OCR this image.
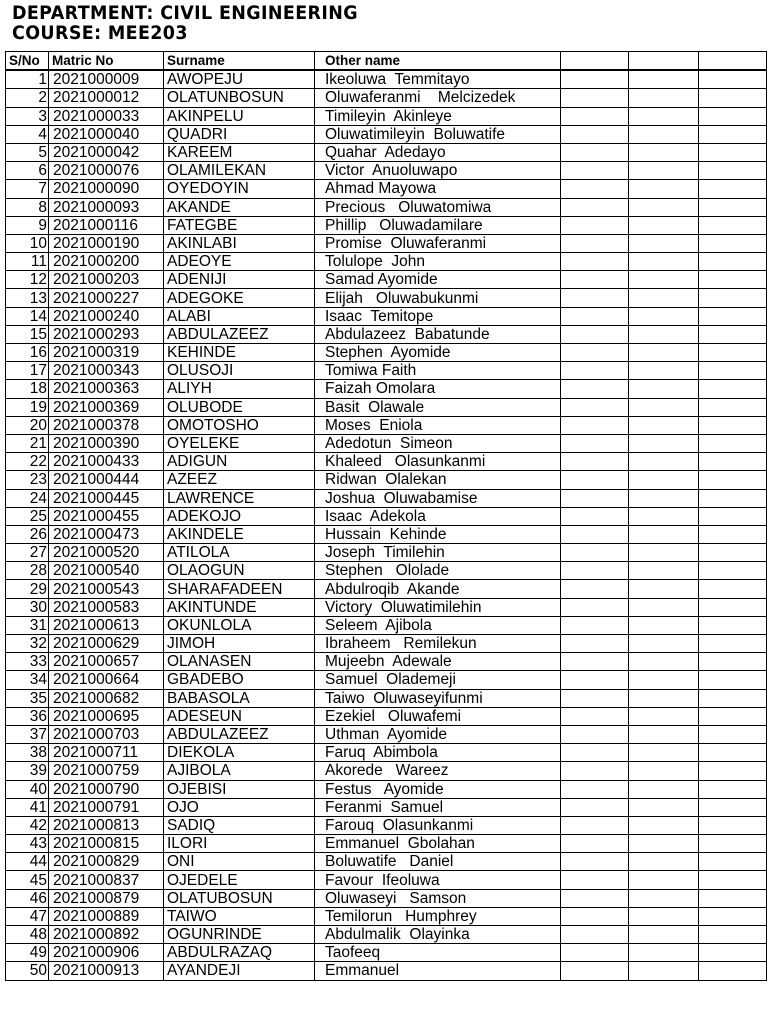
DEPARTMENT: CIVIL ENGINEERING
COURSE: MEE203
S/No	Matric No	Surname	Other name				
1	2021000009	AWOPEJU	Ikeoluwa  Temmitayo				
2	2021000012	OLATUNBOSUN	Oluwaferanmi    Melcizedek				
3	2021000033	AKINPELU	Timileyin  Akinleye				
4	2021000040	QUADRI	Oluwatimileyin  Boluwatife				
5	2021000042	KAREEM	Quahar  Adedayo				
6	2021000076	OLAMILEKAN	Victor  Anuoluwapo				
7	2021000090	OYEDOYIN	Ahmad Mayowa				
8	2021000093	AKANDE	Precious   Oluwatomiwa				
9	2021000116	FATEGBE	Phillip   Oluwadamilare				
10	2021000190	AKINLABI	Promise  Oluwaferanmi				
11	2021000200	ADEOYE	Tolulope  John				
12	2021000203	ADENIJI	Samad Ayomide				
13	2021000227	ADEGOKE	Elijah   Oluwabukunmi				
14	2021000240	ALABI	Isaac  Temitope				
15	2021000293	ABDULAZEEZ	Abdulazeez  Babatunde				
16	2021000319	KEHINDE	Stephen  Ayomide				
17	2021000343	OLUSOJI	Tomiwa Faith				
18	2021000363	ALIYH	Faizah Omolara				
19	2021000369	OLUBODE	Basit  Olawale				
20	2021000378	OMOTOSHO	Moses  Eniola				
21	2021000390	OYELEKE	Adedotun  Simeon				
22	2021000433	ADIGUN	Khaleed   Olasunkanmi				
23	2021000444	AZEEZ	Ridwan  Olalekan				
24	2021000445	LAWRENCE	Joshua  Oluwabamise				
25	2021000455	ADEKOJO	Isaac  Adekola				
26	2021000473	AKINDELE	Hussain  Kehinde				
27	2021000520	ATILOLA	Joseph  Timilehin				
28	2021000540	OLAOGUN	Stephen   Ololade				
29	2021000543	SHARAFADEEN	Abdulroqib  Akande				
30	2021000583	AKINTUNDE	Victory  Oluwatimilehin				
31	2021000613	OKUNLOLA	Seleem  Ajibola				
32	2021000629	JIMOH	Ibraheem   Remilekun				
33	2021000657	OLANASEN	Mujeebn  Adewale				
34	2021000664	GBADEBO	Samuel  Olademeji				
35	2021000682	BABASOLA	Taiwo  Oluwaseyifunmi				
36	2021000695	ADESEUN	Ezekiel   Oluwafemi				
37	2021000703	ABDULAZEEZ	Uthman  Ayomide				
38	2021000711	DIEKOLA	Faruq  Abimbola				
39	2021000759	AJIBOLA	Akorede   Wareez				
40	2021000790	OJEBISI	Festus   Ayomide				
41	2021000791	OJO	Feranmi  Samuel				
42	2021000813	SADIQ	Farouq  Olasunkanmi				
43	2021000815	ILORI	Emmanuel  Gbolahan				
44	2021000829	ONI	Boluwatife   Daniel				
45	2021000837	OJEDELE	Favour  Ifeoluwa				
46	2021000879	OLATUBOSUN	Oluwaseyi   Samson				
47	2021000889	TAIWO	Temilorun   Humphrey				
48	2021000892	OGUNRINDE	Abdulmalik  Olayinka				
49	2021000906	ABDULRAZAQ	Taofeeq				
50	2021000913	AYANDEJI	Emmanuel				
